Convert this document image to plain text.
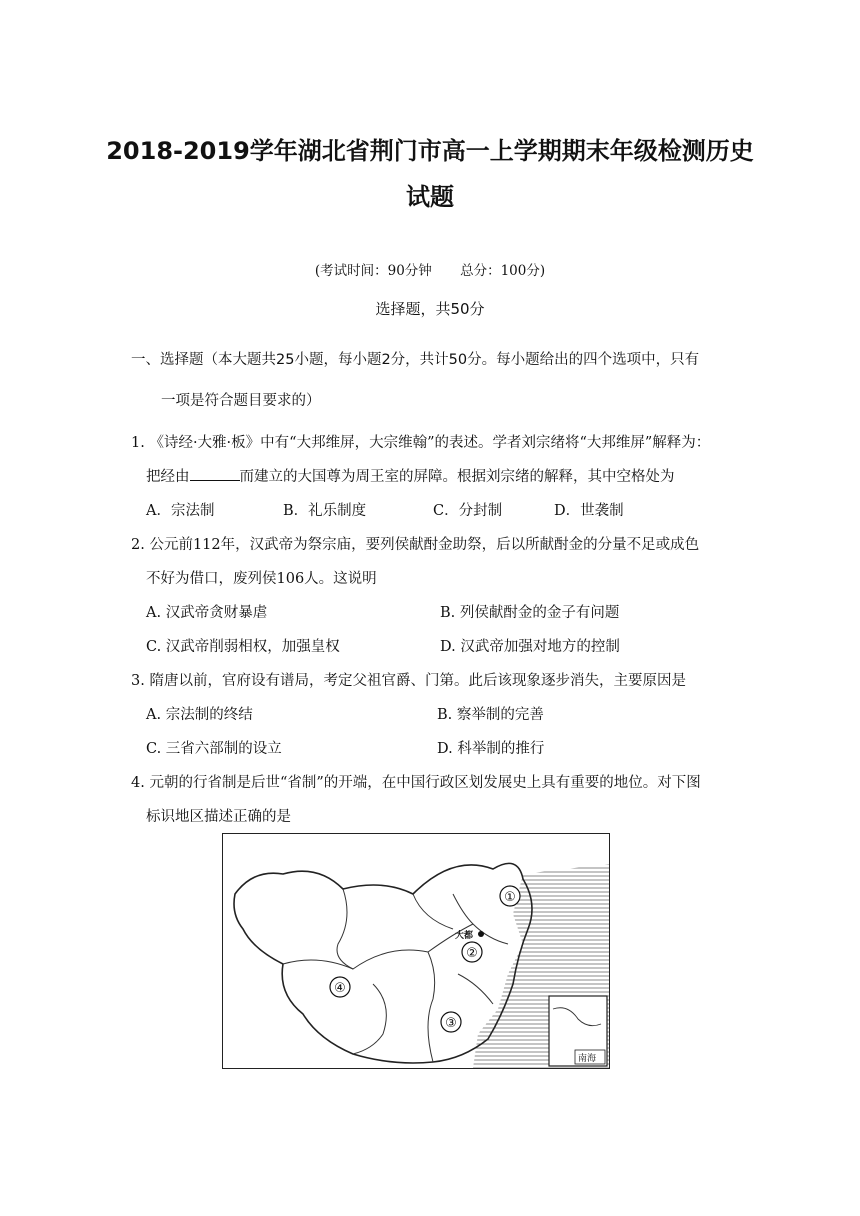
2018-2019学年湖北省荆门市高一上学期期末年级检测历史
试题
(考试时间：90分钟 总分：100分)
选择题，共50分
一、选择题（本大题共25小题，每小题2分，共计50分。每小题给出的四个选项中，只有
一项是符合题目要求的）
1. 《诗经·大雅·板》中有“大邦维屏，大宗维翰”的表述。学者刘宗绪将“大邦维屏”解释为：
把经由	而建立的大国尊为周王室的屏障。根据刘宗绪的解释，其中空格处为
A．宗法制	B．礼乐制度	C．分封制	D．世袭制
2. 公元前112年，汉武帝为祭宗庙，要列侯献酎金助祭，后以所献酎金的分量不足或成色
不好为借口，废列侯106人。这说明
A. 汉武帝贪财暴虐	B. 列侯献酎金的金子有问题
C. 汉武帝削弱相权，加强皇权	D. 汉武帝加强对地方的控制
3. 隋唐以前，官府设有谱局，考定父祖官爵、门第。此后该现象逐步消失，主要原因是
A. 宗法制的终结	B. 察举制的完善
C. 三省六部制的设立	D. 科举制的推行
4. 元朝的行省制是后世“省制”的开端，在中国行政区划发展史上具有重要的地位。对下图
标识地区描述正确的是
南海
大都
①
②
③
④
